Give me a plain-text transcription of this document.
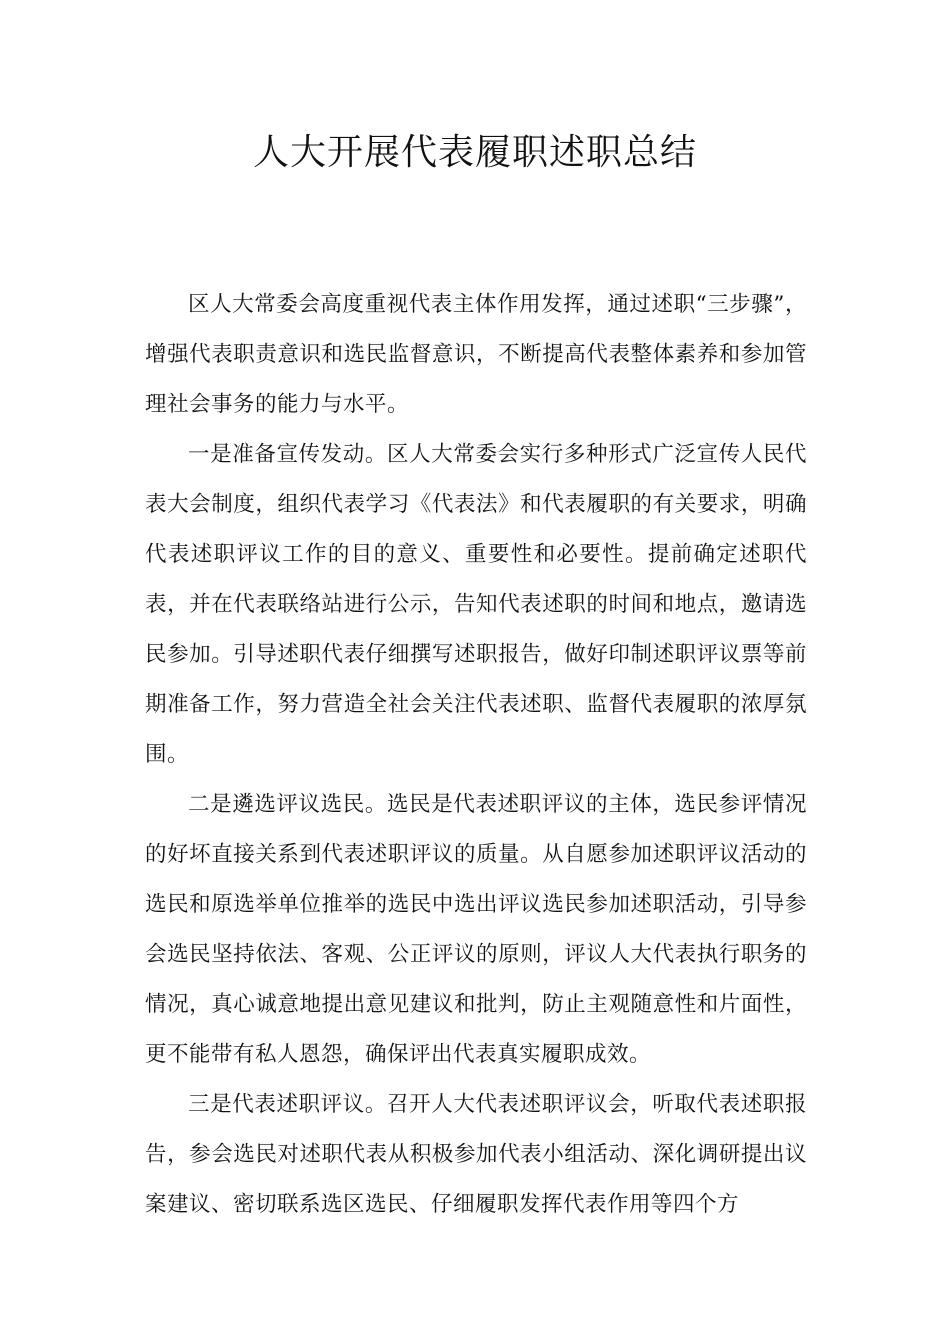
人大开展代表履职述职总结

区人大常委会高度重视代表主体作用发挥，通过述职“三步骤”，增强代表职责意识和选民监督意识，不断提高代表整体素养和参加管理社会事务的能力与水平。

一是准备宣传发动。区人大常委会实行多种形式广泛宣传人民代表大会制度，组织代表学习《代表法》和代表履职的有关要求，明确代表述职评议工作的目的意义、重要性和必要性。提前确定述职代表，并在代表联络站进行公示，告知代表述职的时间和地点，邀请选民参加。引导述职代表仔细撰写述职报告，做好印制述职评议票等前期准备工作，努力营造全社会关注代表述职、监督代表履职的浓厚氛围。

二是遴选评议选民。选民是代表述职评议的主体，选民参评情况的好坏直接关系到代表述职评议的质量。从自愿参加述职评议活动的选民和原选举单位推举的选民中选出评议选民参加述职活动，引导参会选民坚持依法、客观、公正评议的原则，评议人大代表执行职务的情况，真心诚意地提出意见建议和批判，防止主观随意性和片面性，更不能带有私人恩怨，确保评出代表真实履职成效。

三是代表述职评议。召开人大代表述职评议会，听取代表述职报告，参会选民对述职代表从积极参加代表小组活动、深化调研提出议案建议、密切联系选区选民、仔细履职发挥代表作用等四个方
